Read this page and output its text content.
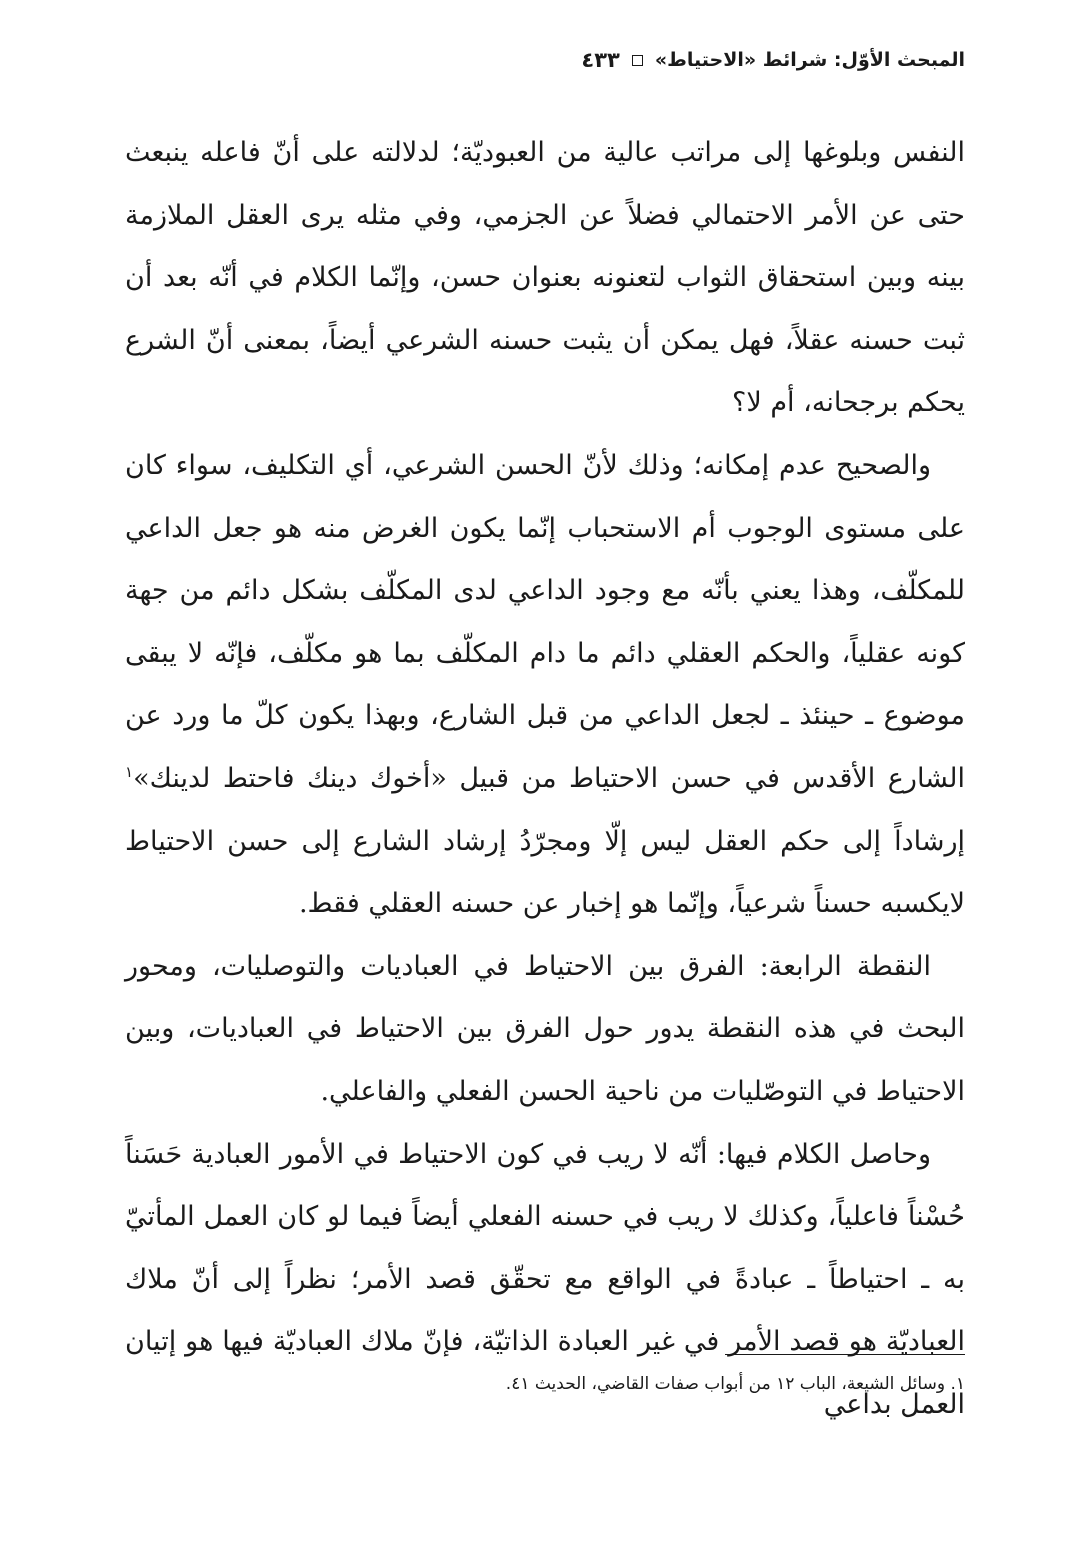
المبحث الأوّل: شرائط «الاحتياط»
٤٣٣

النفس وبلوغها إلى مراتب عالية من العبوديّة؛ لدلالته على أنّ فاعله ينبعث حتى عن الأمر الاحتمالي فضلاً عن الجزمي، وفي مثله يرى العقل الملازمة بينه وبين استحقاق الثواب لتعنونه بعنوان حسن، وإنّما الكلام في أنّه بعد أن ثبت حسنه عقلاً، فهل يمكن أن يثبت حسنه الشرعي أيضاً، بمعنى أنّ الشرع يحكم برجحانه، أم لا؟

والصحيح عدم إمكانه؛ وذلك لأنّ الحسن الشرعي، أي التكليف، سواء كان على مستوى الوجوب أم الاستحباب إنّما يكون الغرض منه هو جعل الداعي للمكلّف، وهذا يعني بأنّه مع وجود الداعي لدى المكلّف بشكل دائم من جهة كونه عقلياً، والحكم العقلي دائم ما دام المكلّف بما هو مكلّف، فإنّه لا يبقى موضوع ـ حينئذ ـ لجعل الداعي من قبل الشارع، وبهذا يكون كلّ ما ورد عن الشارع الأقدس في حسن الاحتياط من قبيل «أخوك دينك فاحتط لدينك»$^١$ إرشاداً إلى حكم العقل ليس إلّا ومجرّدُ إرشاد الشارع إلى حسن الاحتياط لايكسبه حسناً شرعياً، وإنّما هو إخبار عن حسنه العقلي فقط.

النقطة الرابعة: الفرق بين الاحتياط في العباديات والتوصليات، ومحور البحث في هذه النقطة يدور حول الفرق بين الاحتياط في العباديات، وبين الاحتياط في التوصّليات من ناحية الحسن الفعلي والفاعلي.

وحاصل الكلام فيها: أنّه لا ريب في كون الاحتياط في الأمور العبادية حَسَناً حُسْناً فاعلياً، وكذلك لا ريب في حسنه الفعلي أيضاً فيما لو كان العمل المأتيّ به ـ احتياطاً ـ عبادةً في الواقع مع تحقّق قصد الأمر؛ نظراً إلى أنّ ملاك العباديّة هو قصد الأمر في غير العبادة الذاتيّة، فإنّ ملاك العباديّة فيها هو إتيان العمل بداعي

١. وسائل الشيعة، الباب ١٢ من أبواب صفات القاضي، الحديث ٤١.
